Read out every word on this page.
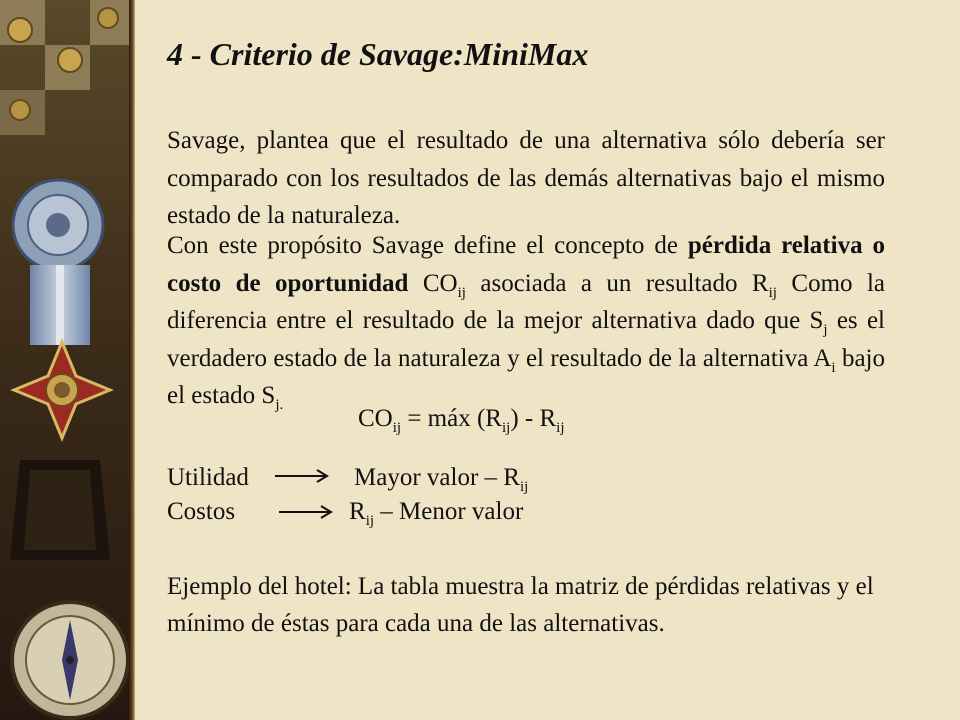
4 - Criterio de Savage:MiniMax

Savage, plantea que el resultado de una alternativa sólo debería ser comparado con los resultados de las demás alternativas bajo el mismo estado de la naturaleza.

Con este propósito Savage define el concepto de pérdida relativa o costo de oportunidad $CO_{ij}$ asociada a un resultado $R_{ij}$ Como la diferencia entre el resultado de la mejor alternativa dado que $S_j$ es el verdadero estado de la naturaleza y el resultado de la alternativa $A_i$ bajo el estado $S_{j.}$	$CO_{ij}$ = máx $(R_{ij}) - R_{ij}$
Utilidad	Mayor valor – $R_{ij}$
Costos	$R_{ij}$ – Menor valor

Ejemplo del hotel: La tabla muestra la matriz de pérdidas relativas y el mínimo de éstas para cada una de las alternativas.
